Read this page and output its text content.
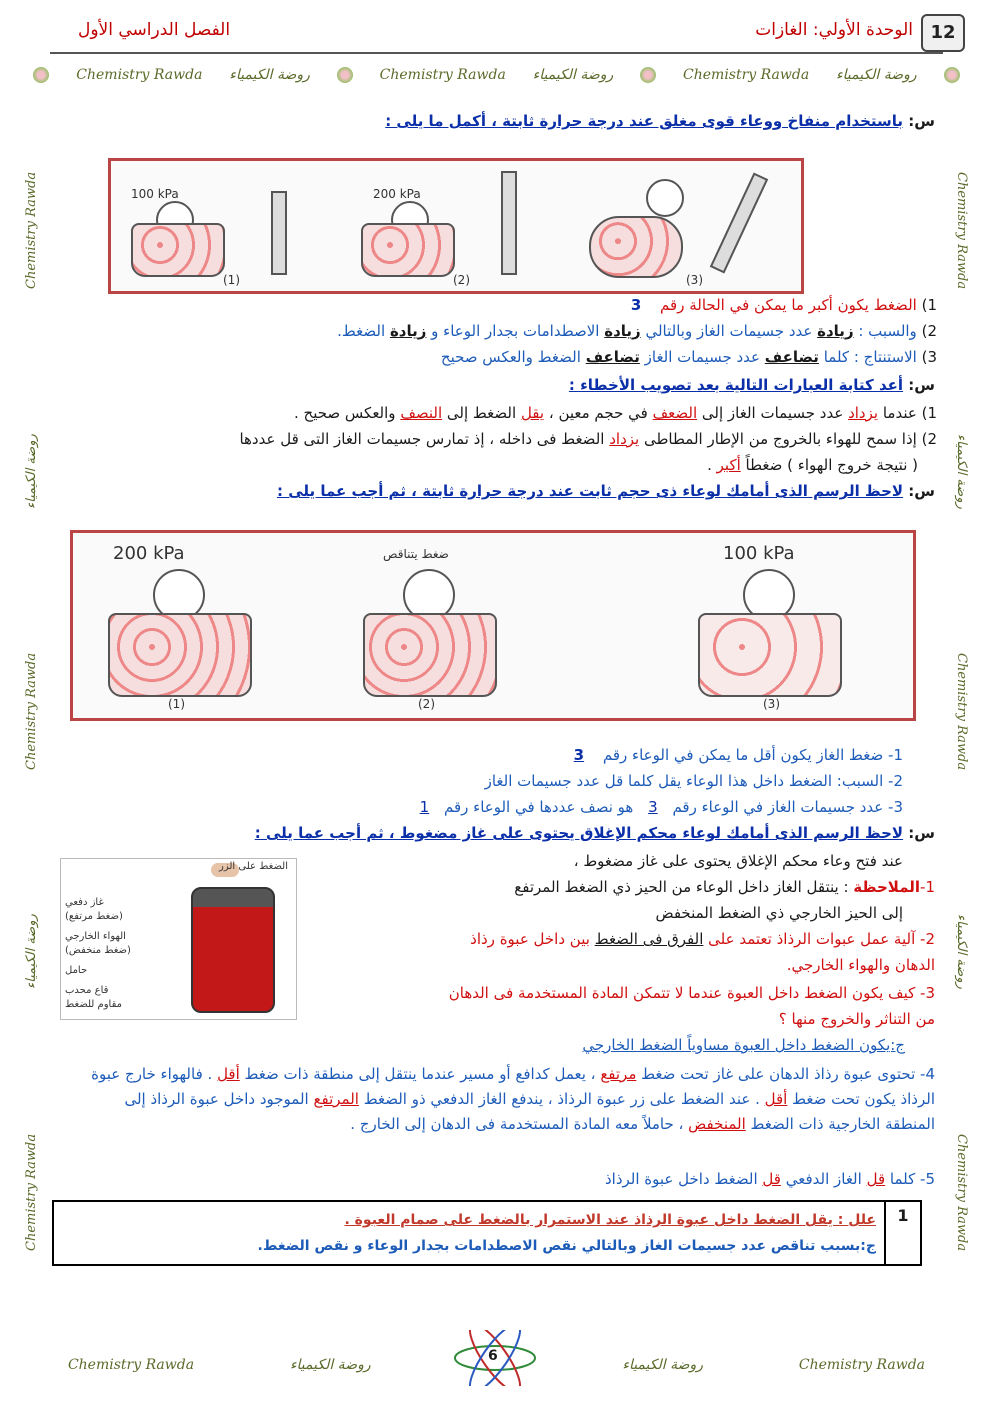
12
الوحدة الأولي: الغازات
الفصل الدراسي الأول
Chemistry Rawda روضة الكيمياء	Chemistry Rawda روضة الكيمياء	Chemistry Rawda روضة الكيمياء
Chemistry Rawda
روضة الكيمياء
Chemistry Rawda
روضة الكيمياء
Chemistry Rawda	Chemistry Rawda
روضة الكيمياء
Chemistry Rawda
روضة الكيمياء
Chemistry Rawda
Chemistry Rawda	روضة الكيمياء	روضة الكيمياء	Chemistry Rawda
س: باستخدام منفاخ ووعاء قوى مغلق عند درجة حرارة ثابتة ، أكمل ما يلى :
100 kPa	200 kPa
(1)	(2)	(3)
1) الضغط يكون أكبر ما يمكن في الحالة رقم 3
2) والسبب : زيادة عدد جسيمات الغاز وبالتالي زيادة الاصطدامات بجدار الوعاء و زيادة الضغط.
3) الاستنتاج : كلما تضاعف عدد جسيمات الغاز تضاعف الضغط والعكس صحيح
س: أعد كتابة العبارات التالية بعد تصويب الأخطاء :
1) عندما يزداد عدد جسيمات الغاز إلى الضعف في حجم معين ، يقل الضغط إلى النصف والعكس صحيح .
2) إذا سمح للهواء بالخروج من الإطار المطاطى يزداد الضغط فى داخله ، إذ تمارس جسيمات الغاز التى قل عددها
( نتيجة خروج الهواء ) ضغطاً أكبر .
س: لاحظ الرسم الذى أمامك لوعاء ذى حجم ثابت عند درجة حرارة ثابتة ، ثم أجب عما يلى :
200 kPa	ضغط يتناقص	100 kPa
(1)	(2)	(3)
1- ضغط الغاز يكون أقل ما يمكن في الوعاء رقم 3
2- السبب: الضغط داخل هذا الوعاء يقل كلما قل عدد جسيمات الغاز
3- عدد جسيمات الغاز في الوعاء رقم 3 هو نصف عددها في الوعاء رقم 1
س: لاحظ الرسم الذى أمامك لوعاء محكم الإغلاق يحتوى على غاز مضغوط ، ثم أجب عما يلى :
الضغط على الزر
غاز دفعي
(ضغط مرتفع)
الهواء الخارجي
(ضغط منخفض)
حامل
قاع محدب
مقاوم للضغط
عند فتح وعاء محكم الإغلاق يحتوى على غاز مضغوط ،
1-الملاحظة : ينتقل الغاز داخل الوعاء من الحيز ذي الضغط المرتفع
إلى الحيز الخارجي ذي الضغط المنخفض
2- آلية عمل عبوات الرذاذ تعتمد على الفرق فى الضغط بين داخل عبوة رذاذ
الدهان والهواء الخارجي.
3- كيف يكون الضغط داخل العبوة عندما لا تتمكن المادة المستخدمة فى الدهان
من التناثر والخروج منها ؟
ج:يكون الضغط داخل العبوة مساوياً الضغط الخارجي
4- تحتوى عبوة رذاذ الدهان على غاز تحت ضغط مرتفع ، يعمل كدافع أو مسير عندما ينتقل إلى منطقة ذات ضغط أقل . فالهواء خارج عبوة الرذاذ يكون تحت ضغط أقل . عند الضغط على زر عبوة الرذاذ ، يندفع الغاز الدفعي ذو الضغط المرتفع الموجود داخل عبوة الرذاذ إلى المنطقة الخارجية ذات الضغط المنخفض ، حاملاً معه المادة المستخدمة فى الدهان إلى الخارج .
5- كلما قل الغاز الدفعي قل الضغط داخل عبوة الرذاذ
1	
علل : يقل الضغط داخل عبوة الرذاذ عند الاستمرار بالضغط على صمام العبوة .
ج:بسبب تناقص عدد جسيمات الغاز وبالتالي نقص الاصطدامات بجدار الوعاء و نقص الضغط.
6
